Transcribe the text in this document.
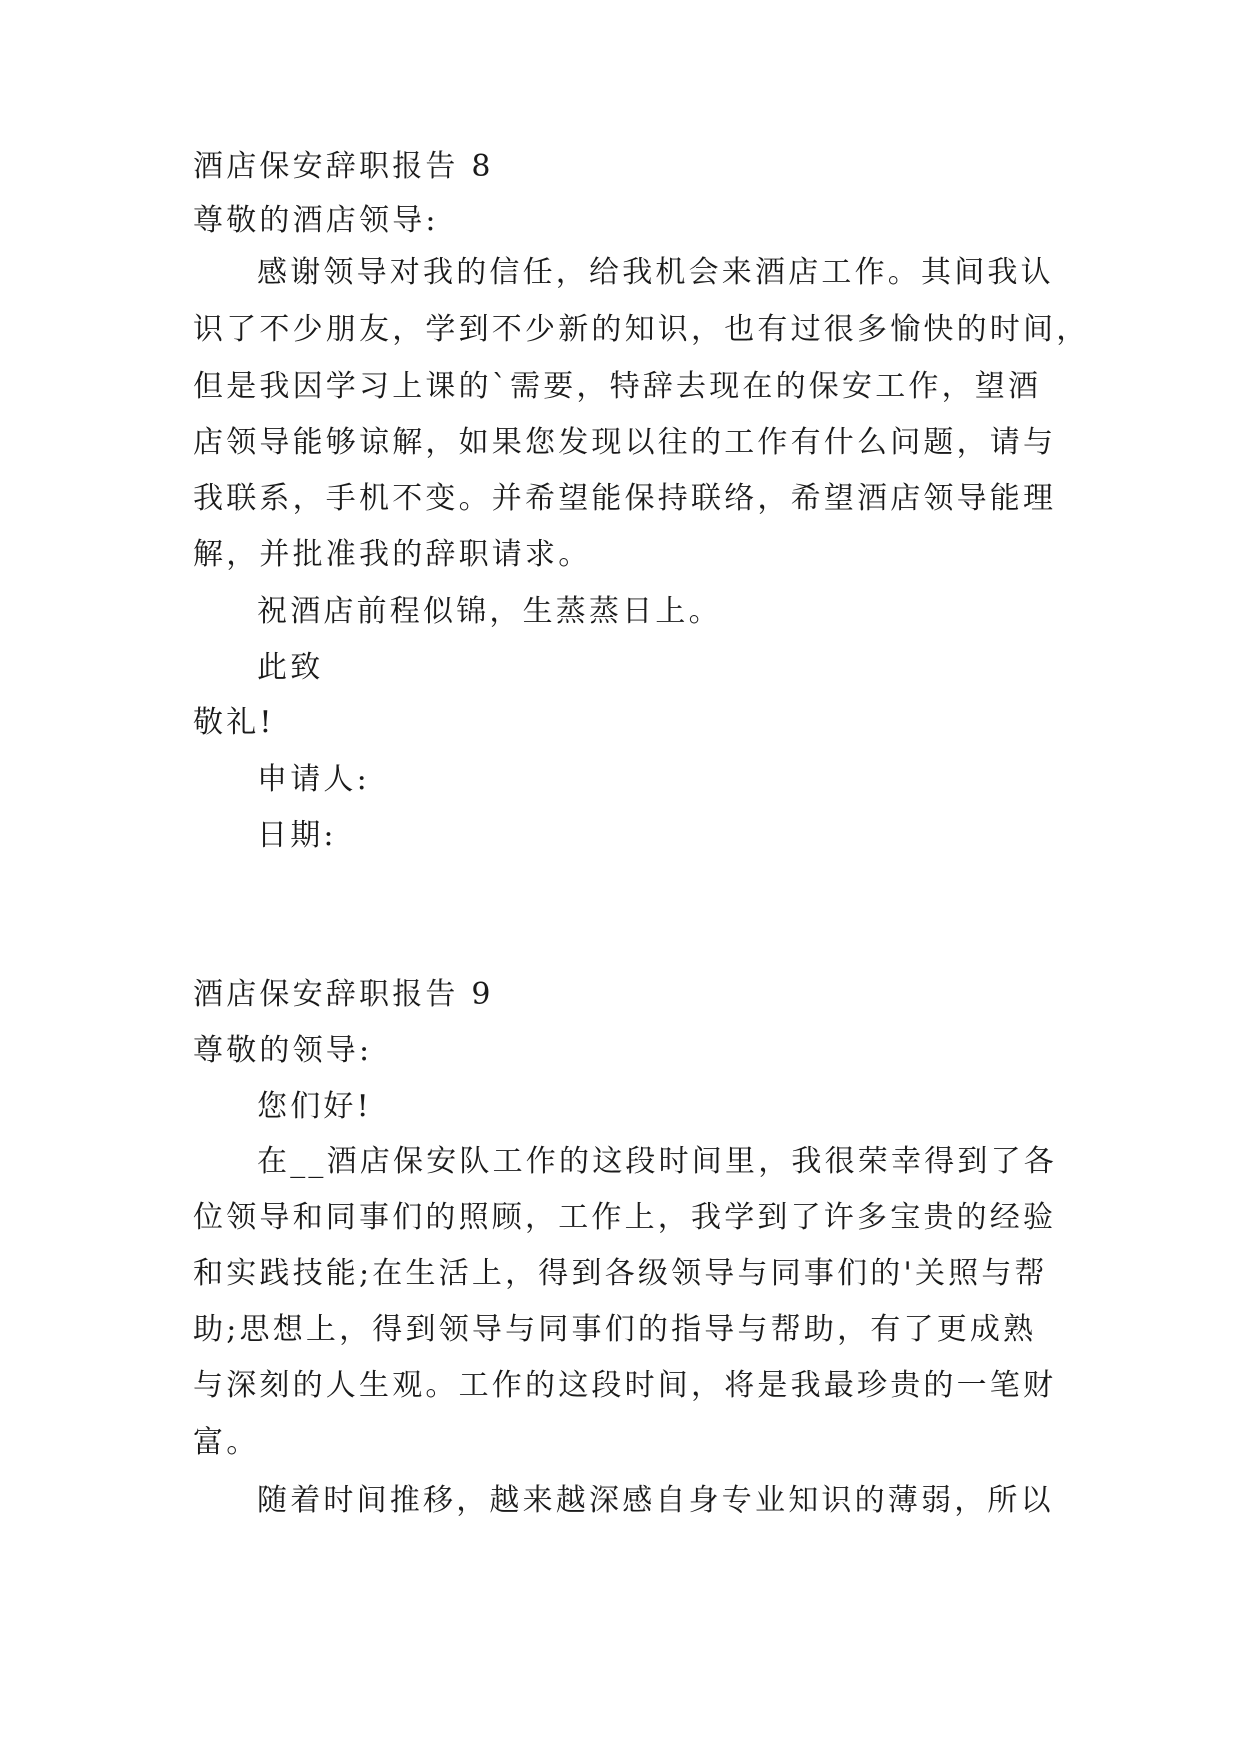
酒店保安辞职报告 8
尊敬的酒店领导:
感谢领导对我的信任，给我机会来酒店工作。其间我认
识了不少朋友，学到不少新的知识，也有过很多愉快的时间，
但是我因学习上课的`需要，特辞去现在的保安工作，望酒
店领导能够谅解，如果您发现以往的工作有什么问题，请与
我联系，手机不变。并希望能保持联络，希望酒店领导能理
解，并批准我的辞职请求。
祝酒店前程似锦，生蒸蒸日上。
此致
敬礼!
申请人:
日期:
酒店保安辞职报告 9
尊敬的领导:
您们好!
在__酒店保安队工作的这段时间里，我很荣幸得到了各
位领导和同事们的照顾，工作上，我学到了许多宝贵的经验
和实践技能;在生活上，得到各级领导与同事们的'关照与帮
助;思想上，得到领导与同事们的指导与帮助，有了更成熟
与深刻的人生观。工作的这段时间，将是我最珍贵的一笔财
富。
随着时间推移，越来越深感自身专业知识的薄弱，所以
